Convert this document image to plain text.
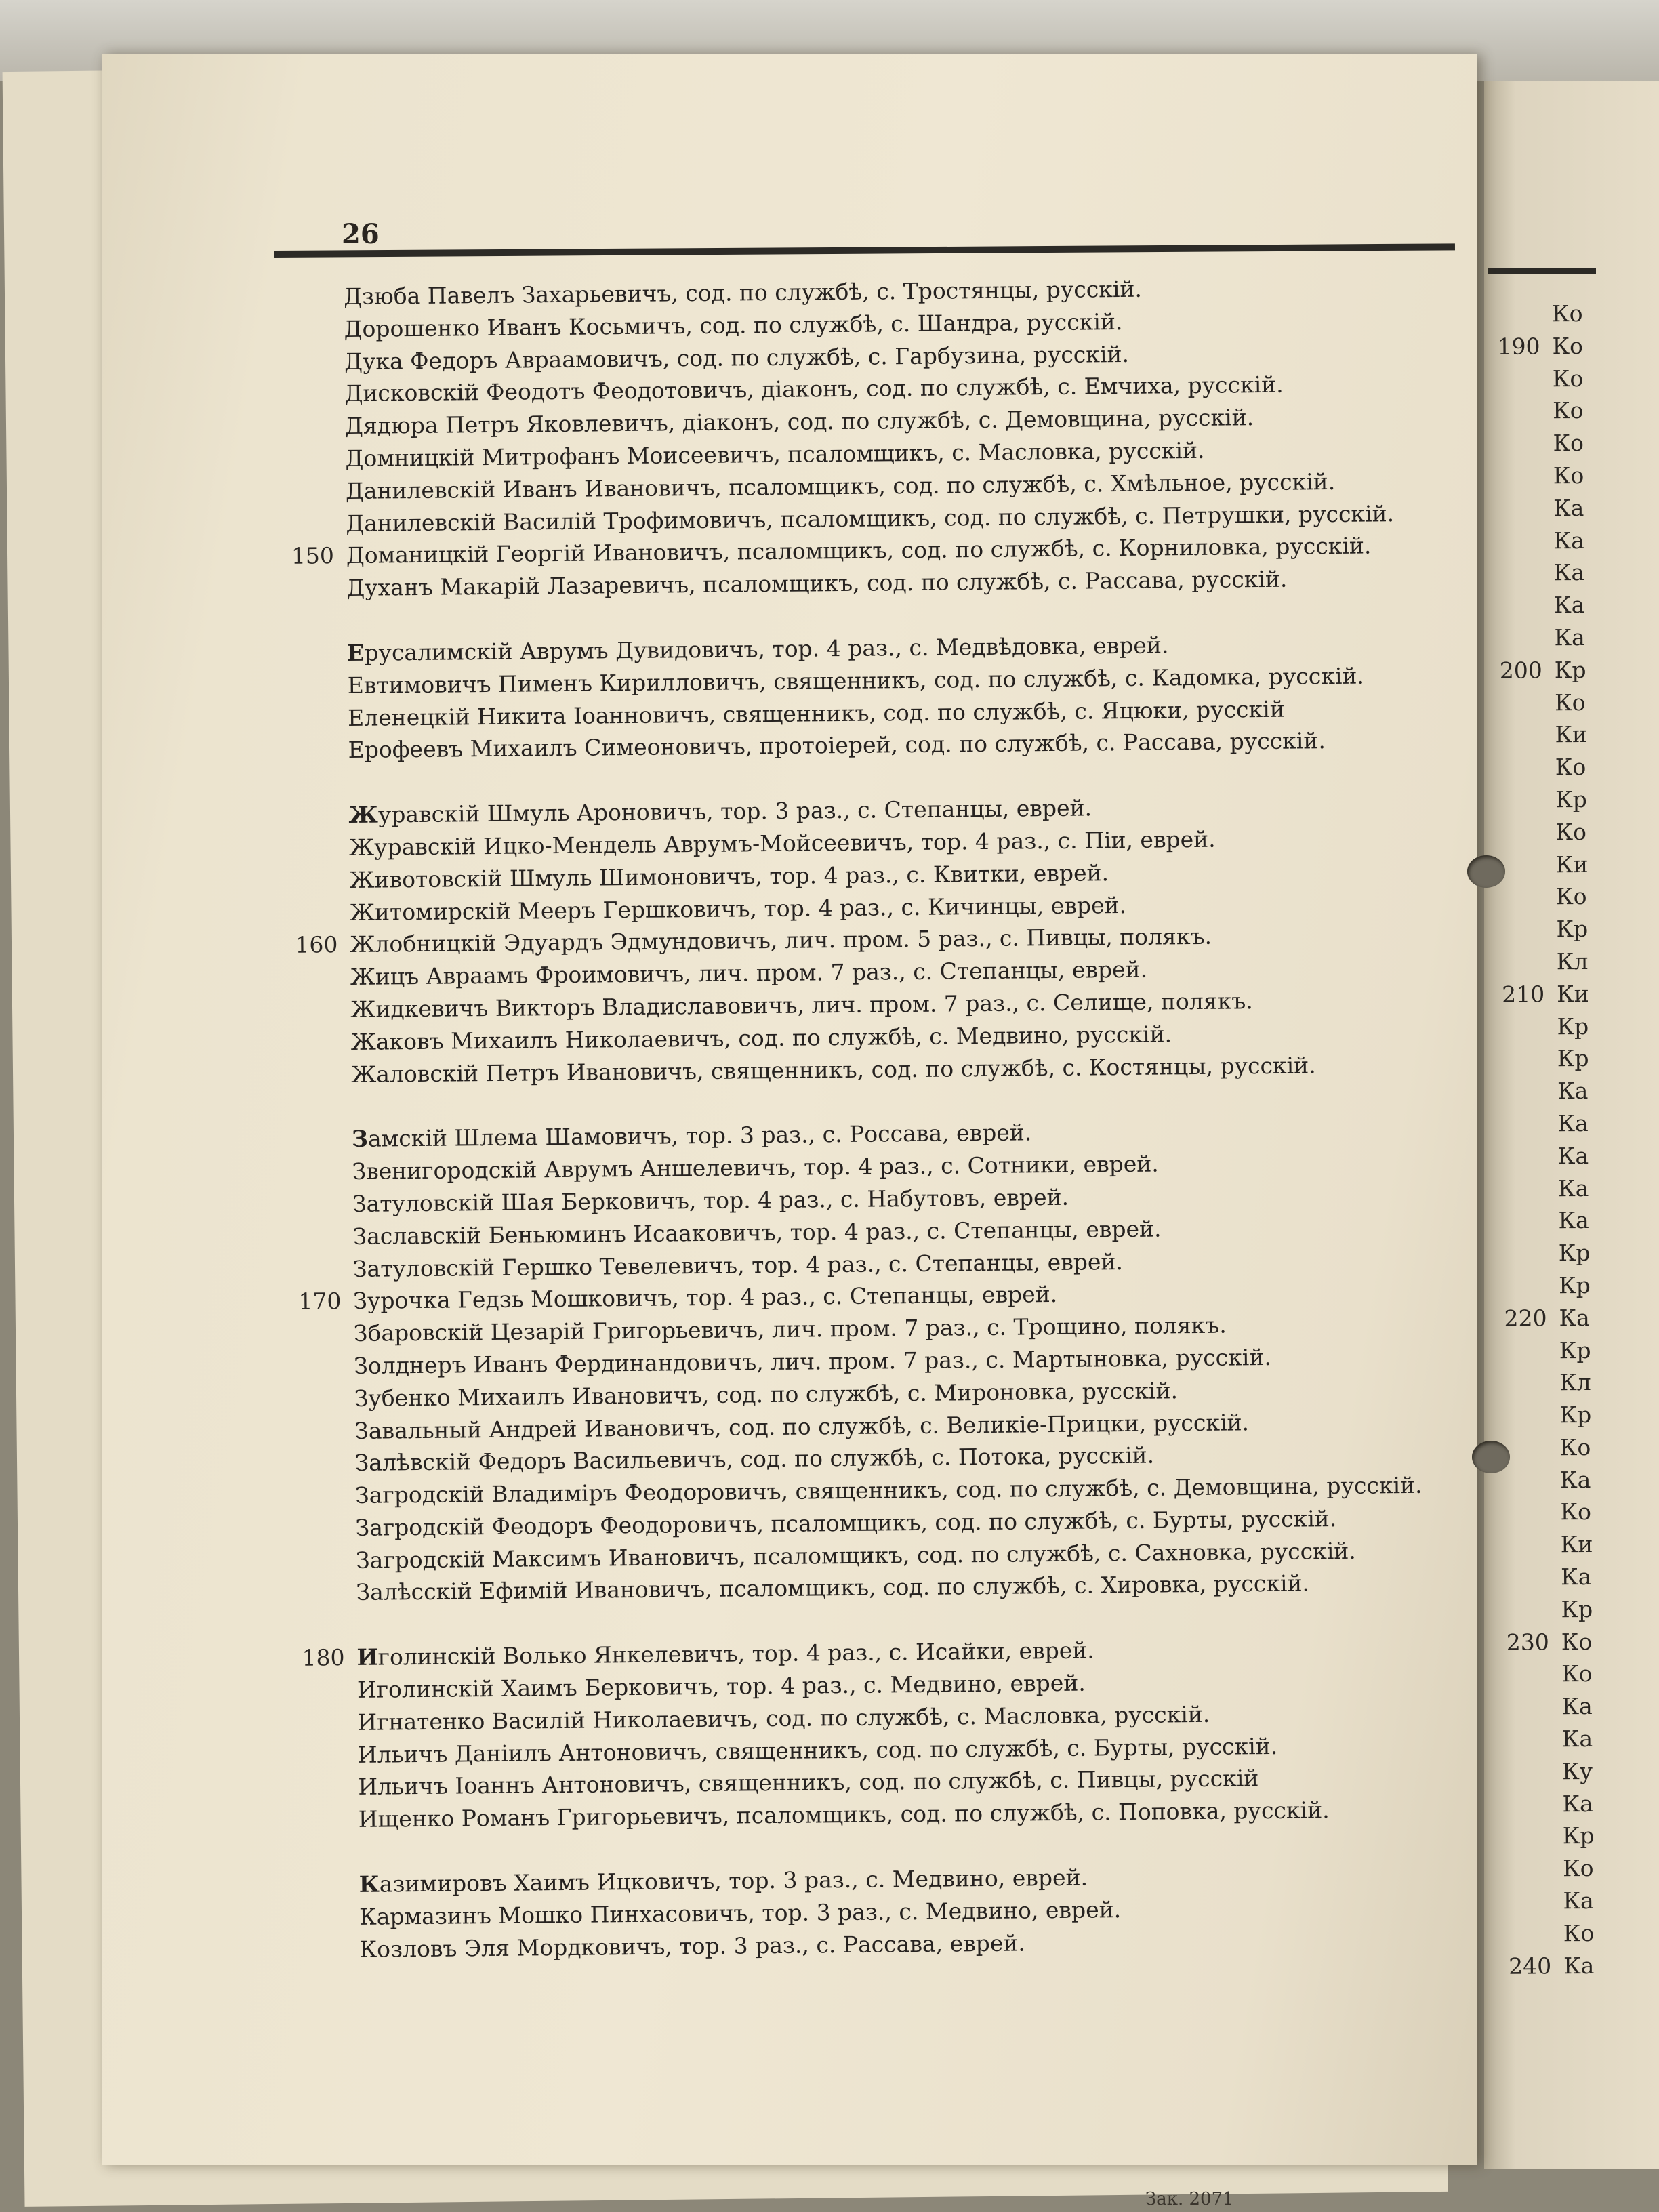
Ко
190 Ко
Ко
Ко
Ко
Ко
Ка
Ка
Ка
Ка
Ка
200 Кр
Ко
Ки
Ко
Кр
Ко
Ки
Ко
Кр
Кл
210 Ки
Кр
Кр
Ка
Ка
Ка
Ка
Ка
Кр
Кр
220 Ка
Кр
Кл
Кр
Ко
Ка
Ко
Ки
Ка
Кр
230 Ко
Ко
Ка
Ка
Ку
Ка
Кр
Ко
Ка
Ко
240 Ка
26
Дзюба Павелъ Захарьевичъ, сод. по службѣ, с. Тростянцы, русскій.
Дорошенко Иванъ Косьмичъ, сод. по службѣ, с. Шандра, русскій.
Дука Федоръ Авраамовичъ, сод. по службѣ, с. Гарбузина, русскій.
Дисковскій Феодотъ Феодотовичъ, діаконъ, сод. по службѣ, с. Емчиха, русскій.
Дядюра Петръ Яковлевичъ, діаконъ, сод. по службѣ, с. Демовщина, русскій.
Домницкій Митрофанъ Моисеевичъ, псаломщикъ, с. Масловка, русскій.
Данилевскій Иванъ Ивановичъ, псаломщикъ, сод. по службѣ, с. Хмѣльное, русскій.
Данилевскій Василій Трофимовичъ, псаломщикъ, сод. по службѣ, с. Петрушки, русскій.
150 Доманицкій Георгій Ивановичъ, псаломщикъ, сод. по службѣ, с. Корниловка, русскій.
Духанъ Макарій Лазаревичъ, псаломщикъ, сод. по службѣ, с. Рассава, русскій.
Ерусалимскій Аврумъ Дувидовичъ, тор. 4 раз., с. Медвѣдовка, еврей.
Евтимовичъ Пименъ Кирилловичъ, священникъ, сод. по службѣ, с. Кадомка, русскій.
Еленецкій Никита Іоанновичъ, священникъ, сод. по службѣ, с. Яцюки, русскій
Ерофеевъ Михаилъ Симеоновичъ, протоіерей, сод. по службѣ, с. Рассава, русскій.
Журавскій Шмуль Ароновичъ, тор. 3 раз., с. Степанцы, еврей.
Журавскій Ицко-Мендель Аврумъ-Мойсеевичъ, тор. 4 раз., с. Піи, еврей.
Животовскій Шмуль Шимоновичъ, тор. 4 раз., с. Квитки, еврей.
Житомирскій Мееръ Гершковичъ, тор. 4 раз., с. Кичинцы, еврей.
160 Жлобницкій Эдуардъ Эдмундовичъ, лич. пром. 5 раз., с. Пивцы, полякъ.
Жицъ Авраамъ Фроимовичъ, лич. пром. 7 раз., с. Степанцы, еврей.
Жидкевичъ Викторъ Владиславовичъ, лич. пром. 7 раз., с. Селище, полякъ.
Жаковъ Михаилъ Николаевичъ, сод. по службѣ, с. Медвино, русскій.
Жаловскій Петръ Ивановичъ, священникъ, сод. по службѣ, с. Костянцы, русскій.
Замскій Шлема Шамовичъ, тор. 3 раз., с. Россава, еврей.
Звенигородскій Аврумъ Аншелевичъ, тор. 4 раз., с. Сотники, еврей.
Затуловскій Шая Берковичъ, тор. 4 раз., с. Набутовъ, еврей.
Заславскій Беньюминъ Исааковичъ, тор. 4 раз., с. Степанцы, еврей.
Затуловскій Гершко Тевелевичъ, тор. 4 раз., с. Степанцы, еврей.
170 Зурочка Гедзь Мошковичъ, тор. 4 раз., с. Степанцы, еврей.
Збаровскій Цезарій Григорьевичъ, лич. пром. 7 раз., с. Трощино, полякъ.
Золднеръ Иванъ Фердинандовичъ, лич. пром. 7 раз., с. Мартыновка, русскій.
Зубенко Михаилъ Ивановичъ, сод. по службѣ, с. Мироновка, русскій.
Завальный Андрей Ивановичъ, сод. по службѣ, с. Великіе-Прицки, русскій.
Залѣвскій Федоръ Васильевичъ, сод. по службѣ, с. Потока, русскій.
Загродскій Владиміръ Феодоровичъ, священникъ, сод. по службѣ, с. Демовщина, русскій.
Загродскій Феодоръ Феодоровичъ, псаломщикъ, сод. по службѣ, с. Бурты, русскій.
Загродскій Максимъ Ивановичъ, псаломщикъ, сод. по службѣ, с. Сахновка, русскій.
Залѣсскій Ефимій Ивановичъ, псаломщикъ, сод. по службѣ, с. Хировка, русскій.
180 Иголинскій Волько Янкелевичъ, тор. 4 раз., с. Исайки, еврей.
Иголинскій Хаимъ Берковичъ, тор. 4 раз., с. Медвино, еврей.
Игнатенко Василій Николаевичъ, сод. по службѣ, с. Масловка, русскій.
Ильичъ Даніилъ Антоновичъ, священникъ, сод. по службѣ, с. Бурты, русскій.
Ильичъ Іоаннъ Антоновичъ, священникъ, сод. по службѣ, с. Пивцы, русскій
Ищенко Романъ Григорьевичъ, псаломщикъ, сод. по службѣ, с. Поповка, русскій.
Казимировъ Хаимъ Ицковичъ, тор. 3 раз., с. Медвино, еврей.
Кармазинъ Мошко Пинхасовичъ, тор. 3 раз., с. Медвино, еврей.
Козловъ Эля Мордковичъ, тор. 3 раз., с. Рассава, еврей.
Зак. 2071
